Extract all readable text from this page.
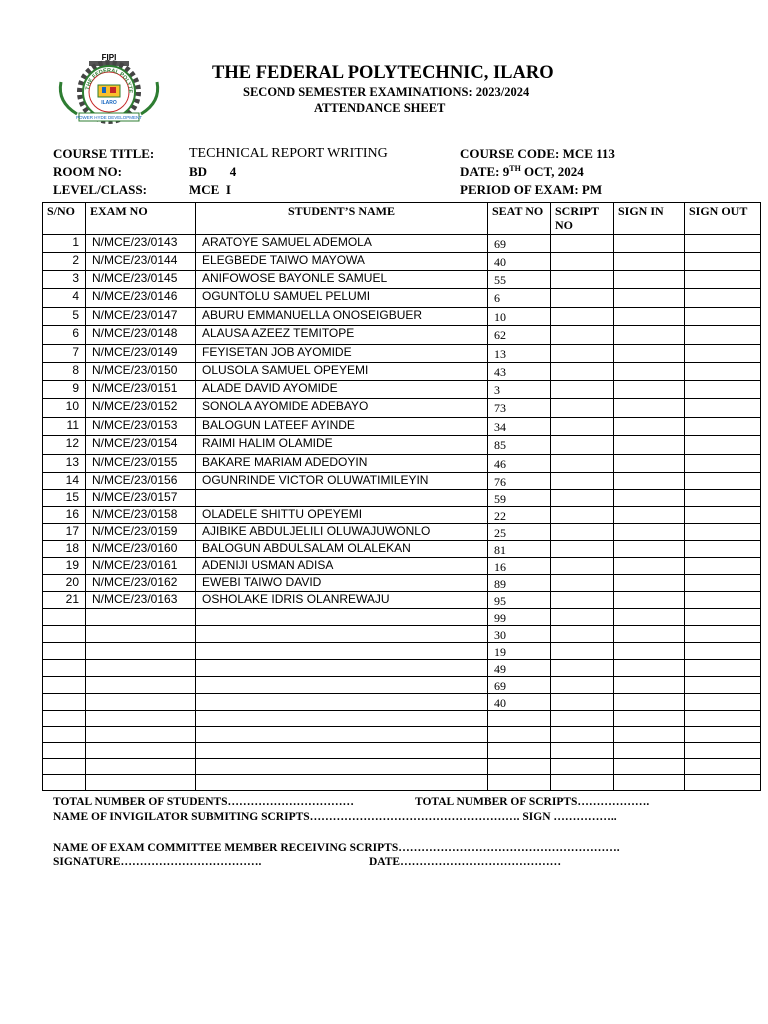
FIPI
THE FEDERAL POLYTE
ILARO
POWER HYDE DEVELOPMENT
THE FEDERAL POLYTECHNIC, ILARO
SECOND SEMESTER EXAMINATIONS: 2023/2024
ATTENDANCE SHEET
COURSE TITLE: TECHNICAL REPORT WRITING	COURSE CODE: MCE 113
ROOM NO:	BD       4	DATE: 9TH OCT, 2024
LEVEL/CLASS:	MCE  I	PERIOD OF EXAM: PM
S/NO	EXAM NO	STUDENT’S NAME	SEAT NO	SCRIPT NO	SIGN IN	SIGN OUT
1	N/MCE/23/0143	ARATOYE SAMUEL ADEMOLA	69			
2	N/MCE/23/0144	ELEGBEDE TAIWO MAYOWA	40			
3	N/MCE/23/0145	ANIFOWOSE BAYONLE SAMUEL	55			
4	N/MCE/23/0146	OGUNTOLU SAMUEL PELUMI	6			
5	N/MCE/23/0147	ABURU EMMANUELLA ONOSEIGBUER	10			
6	N/MCE/23/0148	ALAUSA AZEEZ TEMITOPE	62			
7	N/MCE/23/0149	FEYISETAN JOB AYOMIDE	13			
8	N/MCE/23/0150	OLUSOLA SAMUEL OPEYEMI	43			
9	N/MCE/23/0151	ALADE DAVID AYOMIDE	3			
10	N/MCE/23/0152	SONOLA AYOMIDE ADEBAYO	73			
11	N/MCE/23/0153	BALOGUN LATEEF AYINDE	34			
12	N/MCE/23/0154	RAIMI HALIM OLAMIDE	85			
13	N/MCE/23/0155	BAKARE MARIAM ADEDOYIN	46			
14	N/MCE/23/0156	OGUNRINDE VICTOR OLUWATIMILEYIN	76			
15	N/MCE/23/0157		59			
16	N/MCE/23/0158	OLADELE SHITTU OPEYEMI	22			
17	N/MCE/23/0159	AJIBIKE ABDULJELILI OLUWAJUWONLO	25			
18	N/MCE/23/0160	BALOGUN ABDULSALAM OLALEKAN	81			
19	N/MCE/23/0161	ADENIJI USMAN ADISA	16			
20	N/MCE/23/0162	EWEBI TAIWO DAVID	89			
21	N/MCE/23/0163	OSHOLAKE IDRIS OLANREWAJU	95			
			99			
			30			
			19			
			49			
			69			
			40			

TOTAL NUMBER OF STUDENTS……………………………	TOTAL NUMBER OF SCRIPTS……………….
NAME OF INVIGILATOR SUBMITING SCRIPTS………………………………………………. SIGN ……………..
NAME OF EXAM COMMITTEE MEMBER RECEIVING SCRIPTS………………………………………………….
SIGNATURE……………………………….	DATE……………………………………
